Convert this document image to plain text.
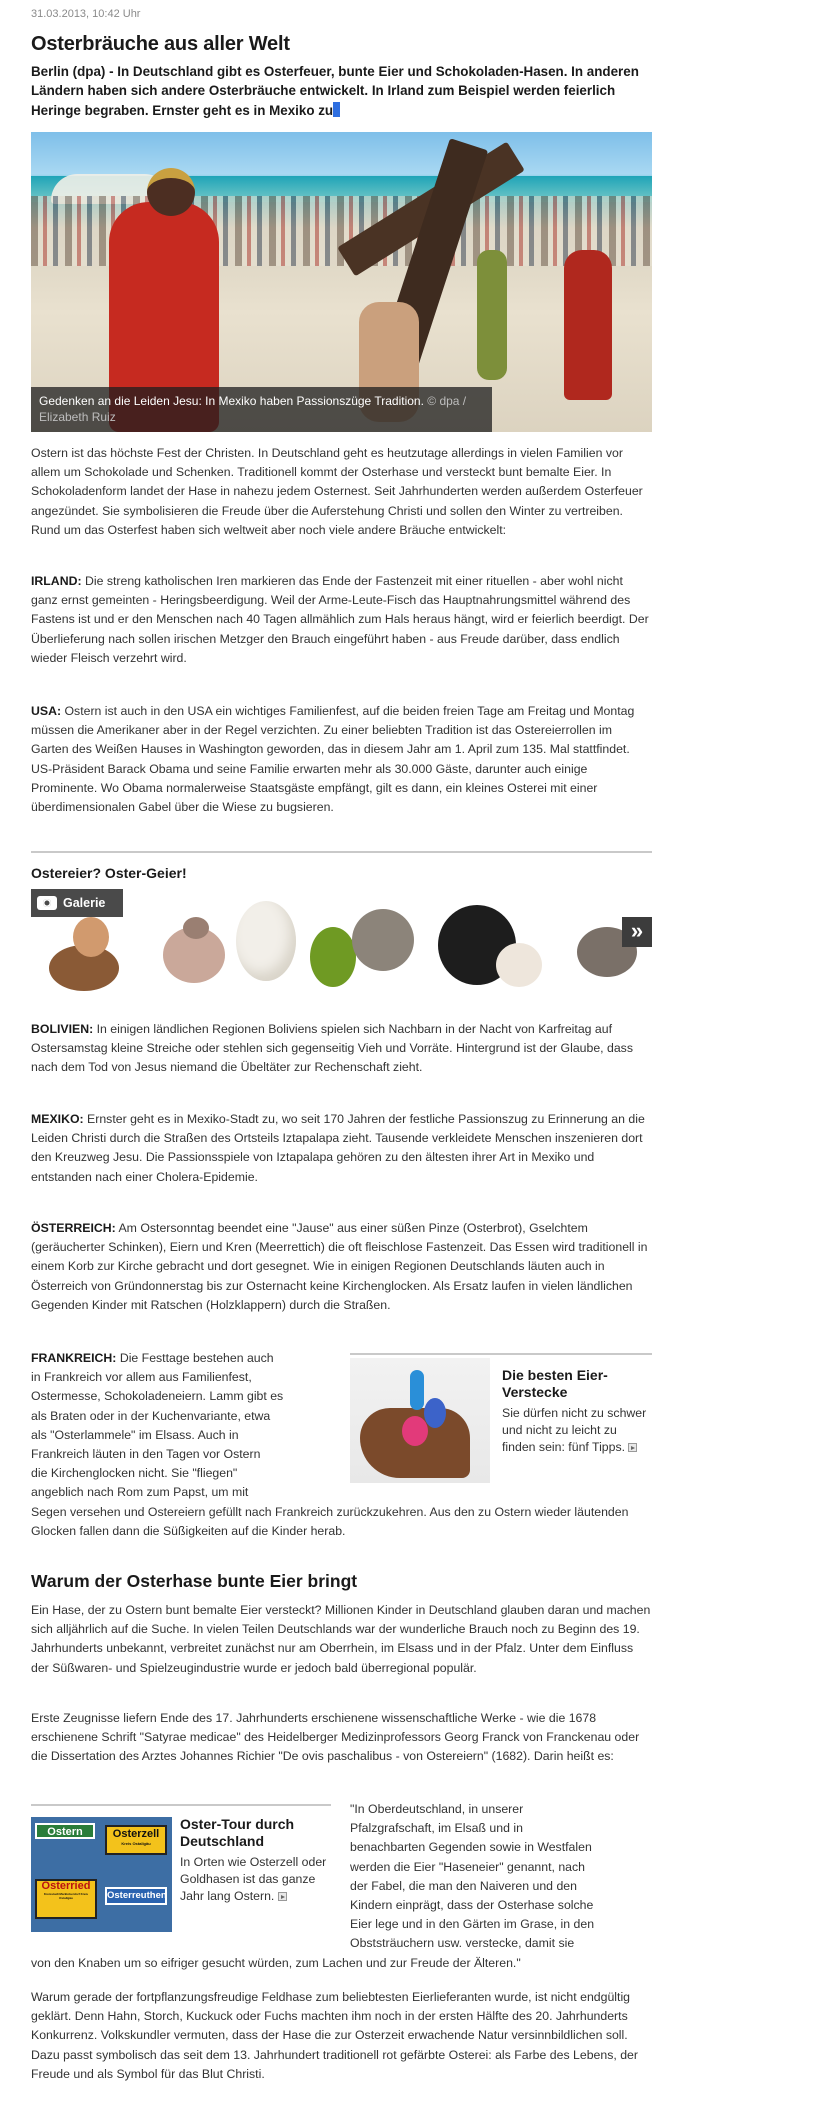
31.03.2013, 10:42 Uhr
Osterbräuche aus aller Welt
Berlin (dpa) - In Deutschland gibt es Osterfeuer, bunte Eier und Schokoladen-Hasen. In anderen Ländern haben sich andere Osterbräuche entwickelt. In Irland zum Beispiel werden feierlich Heringe begraben. Ernster geht es in Mexiko zu
Gedenken an die Leiden Jesu: In Mexiko haben Passionszüge Tradition. © dpa / Elizabeth Ruiz

Ostern ist das höchste Fest der Christen. In Deutschland geht es heutzutage allerdings in vielen Familien vor allem um Schokolade und Schenken. Traditionell kommt der Osterhase und versteckt bunt bemalte Eier. In Schokoladenform landet der Hase in nahezu jedem Osternest. Seit Jahrhunderten werden außerdem Osterfeuer angezündet. Sie symbolisieren die Freude über die Auferstehung Christi und sollen den Winter zu vertreiben. Rund um das Osterfest haben sich weltweit aber noch viele andere Bräuche entwickelt:

IRLAND: Die streng katholischen Iren markieren das Ende der Fastenzeit mit einer rituellen - aber wohl nicht ganz ernst gemeinten - Heringsbeerdigung. Weil der Arme-Leute-Fisch das Hauptnahrungsmittel während des Fastens ist und er den Menschen nach 40 Tagen allmählich zum Hals heraus hängt, wird er feierlich beerdigt. Der Überlieferung nach sollen irischen Metzger den Brauch eingeführt haben - aus Freude darüber, dass endlich wieder Fleisch verzehrt wird.

USA: Ostern ist auch in den USA ein wichtiges Familienfest, auf die beiden freien Tage am Freitag und Montag müssen die Amerikaner aber in der Regel verzichten. Zu einer beliebten Tradition ist das Ostereierrollen im Garten des Weißen Hauses in Washington geworden, das in diesem Jahr am 1. April zum 135. Mal stattfindet. US-Präsident Barack Obama und seine Familie erwarten mehr als 30.000 Gäste, darunter auch einige Prominente. Wo Obama normalerweise Staatsgäste empfängt, gilt es dann, ein kleines Osterei mit einer überdimensionalen Gabel über die Wiese zu bugsieren.

Ostereier? Oster-Geier!
Galerie
»

BOLIVIEN: In einigen ländlichen Regionen Boliviens spielen sich Nachbarn in der Nacht von Karfreitag auf Ostersamstag kleine Streiche oder stehlen sich gegenseitig Vieh und Vorräte. Hintergrund ist der Glaube, dass nach dem Tod von Jesus niemand die Übeltäter zur Rechenschaft zieht.

MEXIKO: Ernster geht es in Mexiko-Stadt zu, wo seit 170 Jahren der festliche Passionszug zu Erinnerung an die Leiden Christi durch die Straßen des Ortsteils Iztapalapa zieht. Tausende verkleidete Menschen inszenieren dort den Kreuzweg Jesu. Die Passionsspiele von Iztapalapa gehören zu den ältesten ihrer Art in Mexiko und entstanden nach einer Cholera-Epidemie.

ÖSTERREICH: Am Ostersonntag beendet eine "Jause" aus einer süßen Pinze (Osterbrot), Gselchtem (geräucherter Schinken), Eiern und Kren (Meerrettich) die oft fleischlose Fastenzeit. Das Essen wird traditionell in einem Korb zur Kirche gebracht und dort gesegnet. Wie in einigen Regionen Deutschlands läuten auch in Österreich von Gründonnerstag bis zur Osternacht keine Kirchenglocken. Als Ersatz laufen in vielen ländlichen Gegenden Kinder mit Ratschen (Holzklappern) durch die Straßen.

FRANKREICH: Die Festtage bestehen auch
in Frankreich vor allem aus Familienfest,
Ostermesse, Schokoladeneiern. Lamm gibt es
als Braten oder in der Kuchenvariante, etwa
als "Osterlammele" im Elsass. Auch in
Frankreich läuten in den Tagen vor Ostern
die Kirchenglocken nicht. Sie "fliegen"
angeblich nach Rom zum Papst, um mit

Segen versehen und Ostereiern gefüllt nach Frankreich zurückzukehren. Aus den zu Ostern wieder läutenden Glocken fallen dann die Süßigkeiten auf die Kinder herab.

Die besten Eier-Verstecke
Sie dürfen nicht zu schwer und nicht zu leicht zu finden sein: fünf Tipps.
Warum der Osterhase bunte Eier bringt

Ein Hase, der zu Ostern bunt bemalte Eier versteckt? Millionen Kinder in Deutschland glauben daran und machen sich alljährlich auf die Suche. In vielen Teilen Deutschlands war der wunderliche Brauch noch zu Beginn des 19. Jahrhunderts unbekannt, verbreitet zunächst nur am Oberrhein, im Elsass und in der Pfalz. Unter dem Einfluss der Süßwaren- und Spielzeugindustrie wurde er jedoch bald überregional populär.

Erste Zeugnisse liefern Ende des 17. Jahrhunderts erschienene wissenschaftliche Werke - wie die 1678 erschienene Schrift "Satyrae medicae" des Heidelberger Medizinprofessors Georg Franck von Franckenau oder die Dissertation des Arztes Johannes Richier "De ovis paschalibus - von Ostereiern" (1682). Darin heißt es:

Ostern	Osterzell

Kreis Ostallgäu
Osterried

Kreisstadt Marktoberdorf Kreis Ostallgäu	Osterreuthen
Oster-Tour durch Deutschland
In Orten wie Osterzell oder Goldhasen ist das ganze Jahr lang Ostern.

"In Oberdeutschland, in unserer
Pfalzgrafschaft, im Elsaß und in
benachbarten Gegenden sowie in Westfalen
werden die Eier "Haseneier" genannt, nach
der Fabel, die man den Naiveren und den
Kindern einprägt, dass der Osterhase solche
Eier lege und in den Gärten im Grase, in den
Obststräuchern usw. verstecke, damit sie

von den Knaben um so eifriger gesucht würden, zum Lachen und zur Freude der Älteren."

Warum gerade der fortpflanzungsfreudige Feldhase zum beliebtesten Eierlieferanten wurde, ist nicht endgültig geklärt. Denn Hahn, Storch, Kuckuck oder Fuchs machten ihm noch in der ersten Hälfte des 20. Jahrhunderts Konkurrenz. Volkskundler vermuten, dass der Hase die zur Osterzeit erwachende Natur versinnbildlichen soll. Dazu passt symbolisch das seit dem 13. Jahrhundert traditionell rot gefärbte Osterei: als Farbe des Lebens, der Freude und als Symbol für das Blut Christi.
